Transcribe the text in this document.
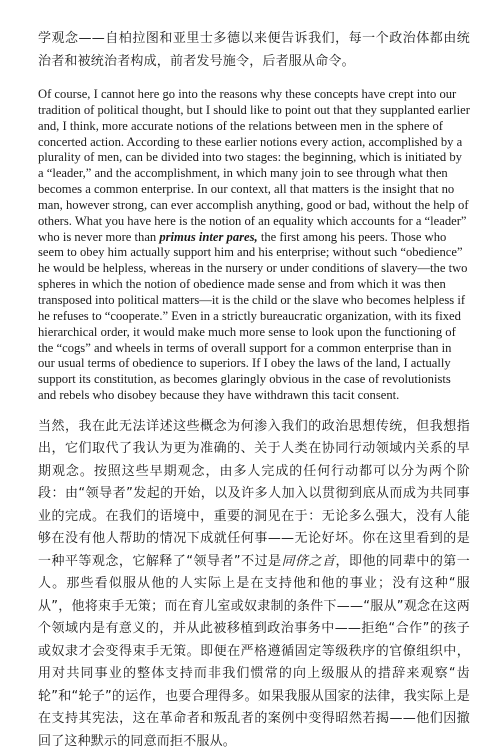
学观念——自柏拉图和亚里士多德以来便告诉我们，每一个政治体都由统治者和被统治者构成，前者发号施令，后者服从命令。

Of course, I cannot here go into the reasons why these concepts have crept into our tradition of political thought, but I should like to point out that they supplanted earlier and, I think, more accurate notions of the relations between men in the sphere of concerted action. According to these earlier notions every action, accomplished by a plurality of men, can be divided into two stages: the beginning, which is initiated by a “leader,” and the accomplishment, in which many join to see through what then becomes a common enterprise. In our context, all that matters is the insight that no man, however strong, can ever accomplish anything, good or bad, without the help of others. What you have here is the notion of an equality which accounts for a “leader” who is never more than primus inter pares, the first among his peers. Those who seem to obey him actually support him and his enterprise; without such “obedience” he would be helpless, whereas in the nursery or under conditions of slavery—the two spheres in which the notion of obedience made sense and from which it was then transposed into political matters—it is the child or the slave who becomes helpless if he refuses to “cooperate.” Even in a strictly bureaucratic organization, with its fixed hierarchical order, it would make much more sense to look upon the functioning of the “cogs” and wheels in terms of overall support for a common enterprise than in our usual terms of obedience to superiors. If I obey the laws of the land, I actually support its constitution, as becomes glaringly obvious in the case of revolutionists and rebels who disobey because they have withdrawn this tacit consent.

当然，我在此无法详述这些概念为何渗入我们的政治思想传统，但我想指出，它们取代了我认为更为准确的、关于人类在协同行动领域内关系的早期观念。按照这些早期观念，由多人完成的任何行动都可以分为两个阶段：由“领导者”发起的开始，以及许多人加入以贯彻到底从而成为共同事业的完成。在我们的语境中，重要的洞见在于：无论多么强大，没有人能够在没有他人帮助的情况下成就任何事——无论好坏。你在这里看到的是一种平等观念，它解释了“领导者”不过是同侪之首，即他的同辈中的第一人。那些看似服从他的人实际上是在支持他和他的事业；没有这种“服从”，他将束手无策；而在育儿室或奴隶制的条件下——“服从”观念在这两个领域内是有意义的，并从此被移植到政治事务中——拒绝“合作”的孩子或奴隶才会变得束手无策。即便在严格遵循固定等级秩序的官僚组织中，用对共同事业的整体支持而非我们惯常的向上级服从的措辞来观察“齿轮”和“轮子”的运作，也要合理得多。如果我服从国家的法律，我实际上是在支持其宪法，这在革命者和叛乱者的案例中变得昭然若揭——他们因撤回了这种默示的同意而拒不服从。
